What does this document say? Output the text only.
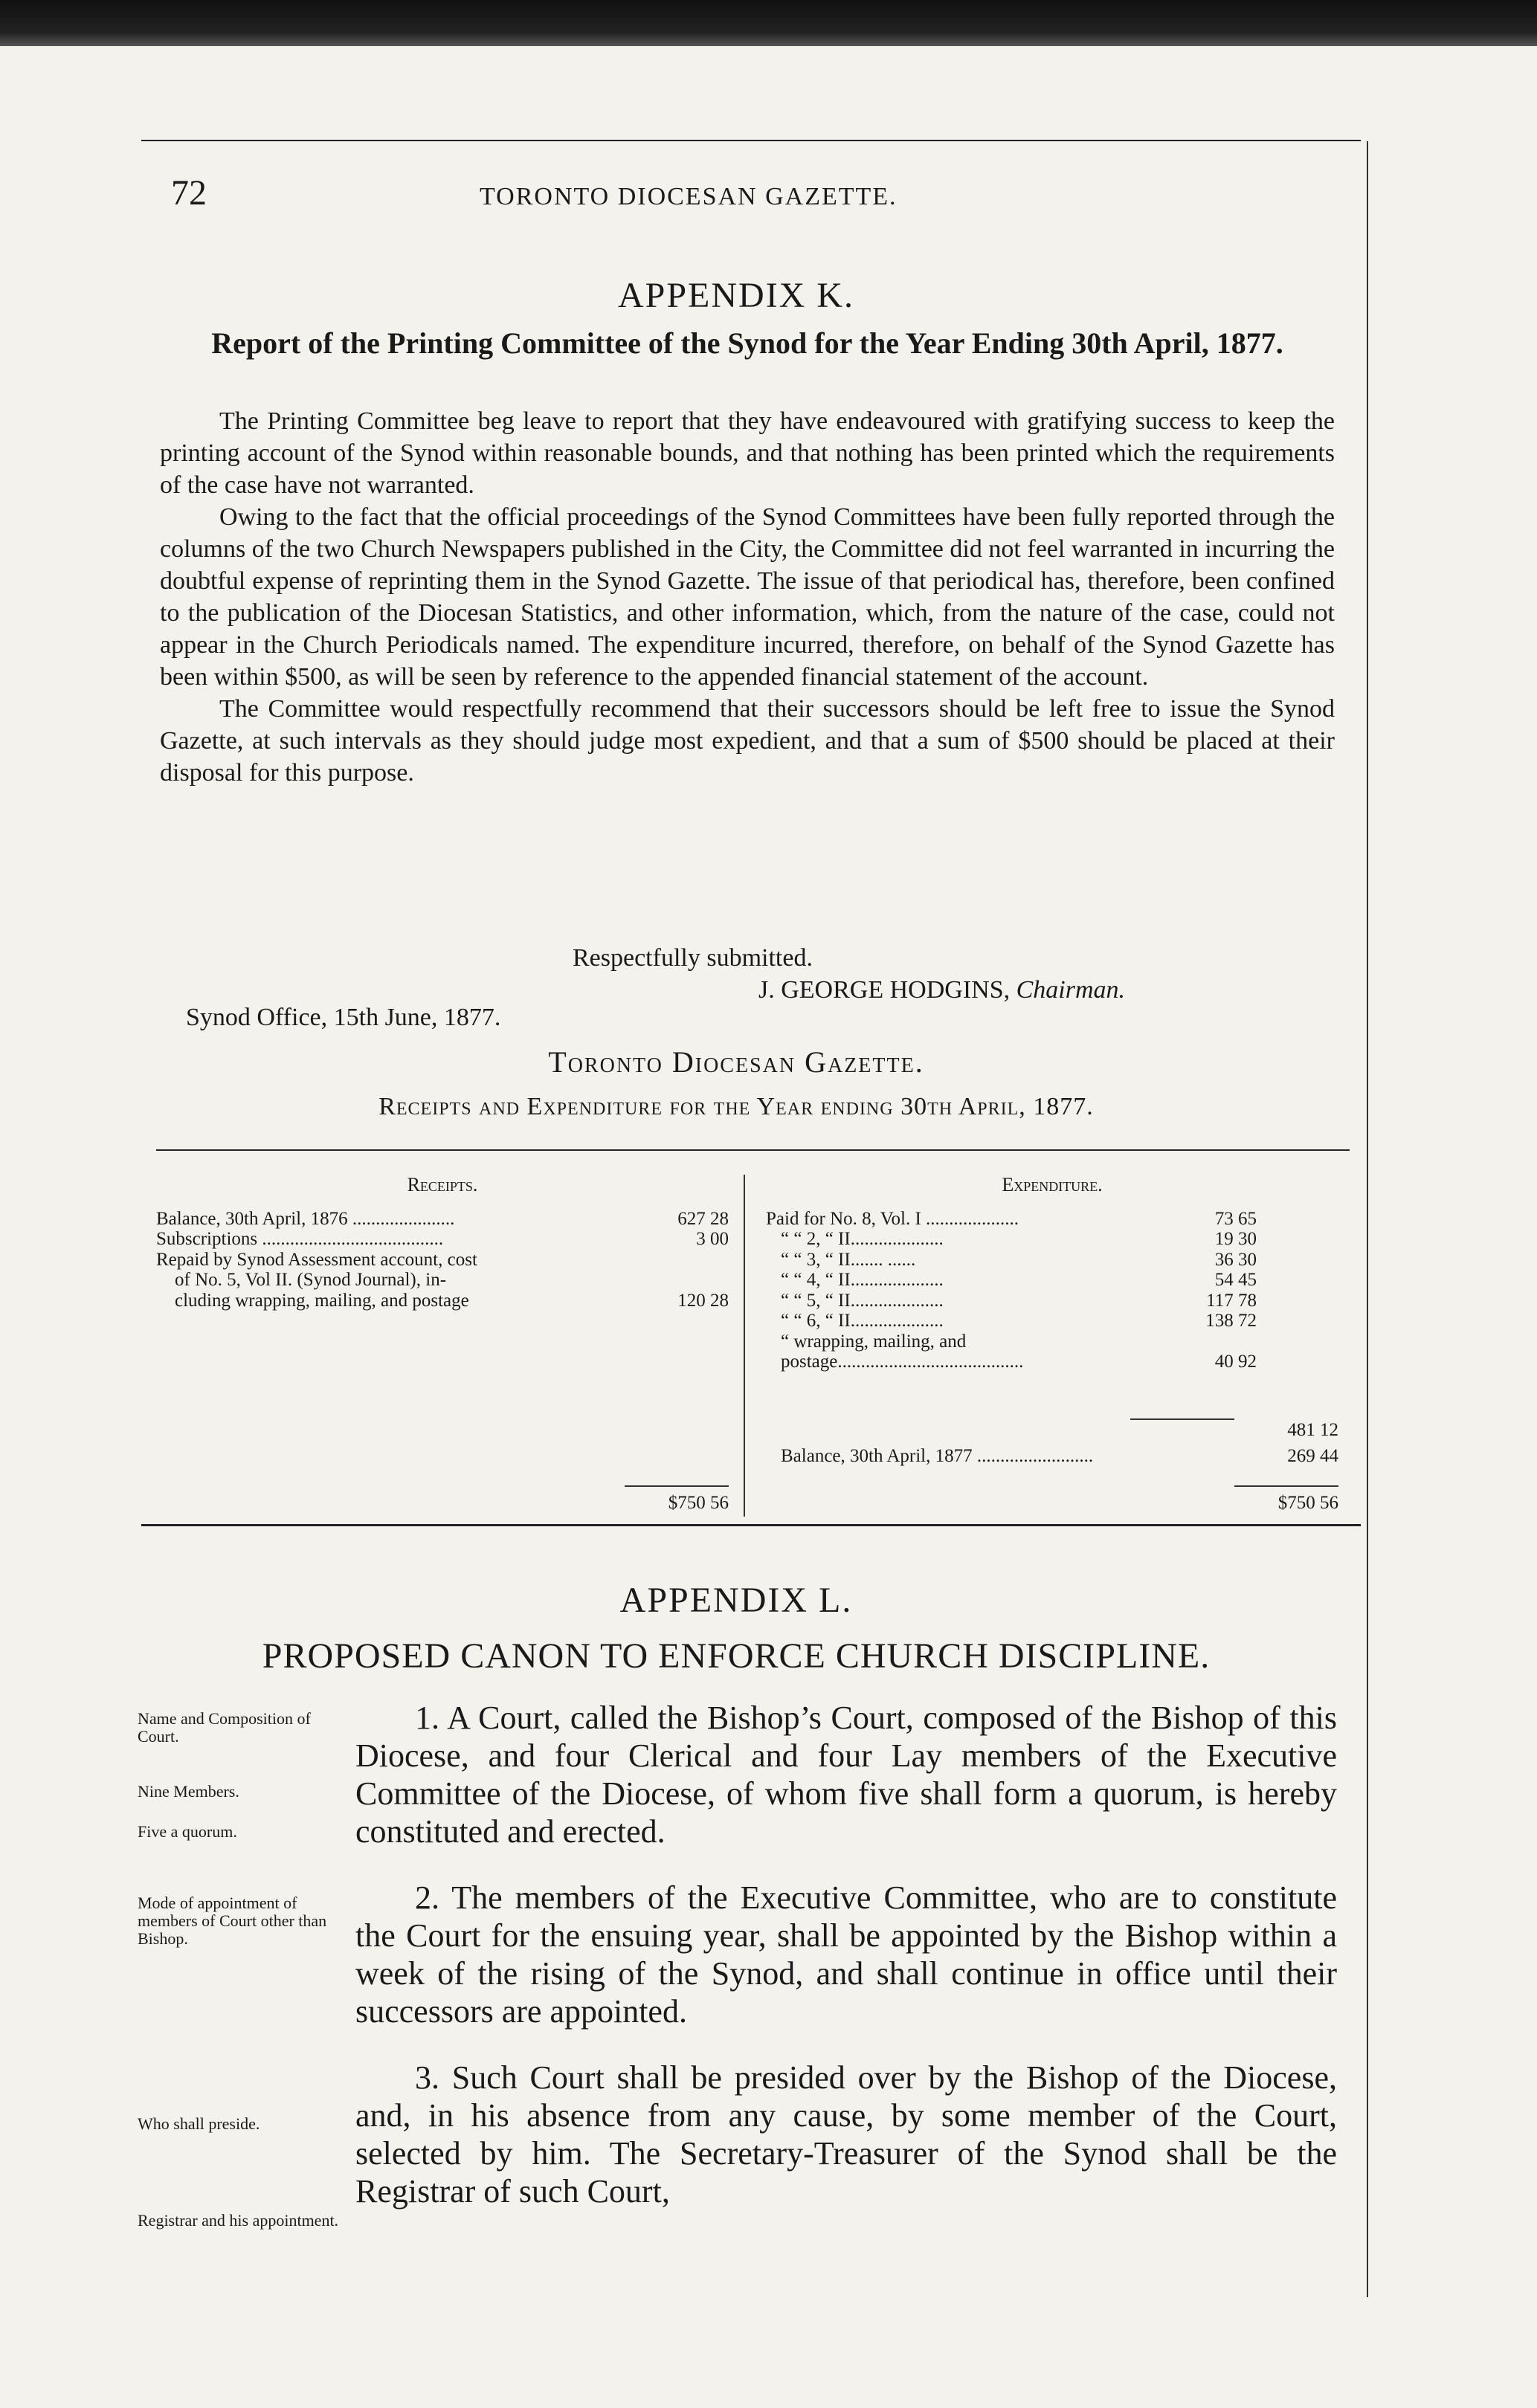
72	TORONTO DIOCESAN GAZETTE.
APPENDIX K.
Report of the Printing Committee of the Synod for the Year Ending 30th April, 1877.

The Printing Committee beg leave to report that they have endeavoured with gratifying success to keep the printing account of the Synod within reasonable bounds, and that nothing has been printed which the requirements of the case have not warranted.

Owing to the fact that the official proceedings of the Synod Committees have been fully reported through the columns of the two Church Newspapers published in the City, the Committee did not feel warranted in incurring the doubtful expense of reprinting them in the Synod Gazette. The issue of that periodical has, therefore, been confined to the publication of the Diocesan Statistics, and other information, which, from the nature of the case, could not appear in the Church Periodicals named. The expenditure incurred, therefore, on behalf of the Synod Gazette has been within $500, as will be seen by reference to the appended financial statement of the account.

The Committee would respectfully recommend that their successors should be left free to issue the Synod Gazette, at such intervals as they should judge most expedient, and that a sum of $500 should be placed at their disposal for this purpose.

Respectfully submitted.
J. GEORGE HODGINS, Chairman.
Synod Office, 15th June, 1877.
Toronto Diocesan Gazette.
Receipts and Expenditure for the Year ending 30th April, 1877.
Receipts.
Balance, 30th April, 1876 ......................	627 28
Subscriptions .......................................	3 00
Repaid by Synod Assessment account, cost
of No. 5, Vol II. (Synod Journal), in-
cluding wrapping, mailing, and postage	120 28
$750 56
Expenditure.
Paid for No. 8, Vol. I ....................	73 65
“ “ 2, “ II....................	19 30
“ “ 3, “ II....... ......	36 30
“ “ 4, “ II....................	54 45
“ “ 5, “ II....................	117 78
“ “ 6, “ II....................	138 72
“ wrapping, mailing, and
postage........................................	40 92
481 12
Balance, 30th April, 1877 .........................	269 44
$750 56
APPENDIX L.
PROPOSED CANON TO ENFORCE CHURCH DISCIPLINE.
Name and Composition of Court.
Nine Members.
Five a quorum.
Mode of appointment of members of Court other than Bishop.
Who shall preside.
Registrar and his appointment.

1. A Court, called the Bishop’s Court, composed of the Bishop of this Diocese, and four Clerical and four Lay members of the Executive Committee of the Diocese, of whom five shall form a quorum, is hereby constituted and erected.

2. The members of the Executive Committee, who are to constitute the Court for the ensuing year, shall be appointed by the Bishop within a week of the rising of the Synod, and shall continue in office until their successors are appointed.

3. Such Court shall be presided over by the Bishop of the Diocese, and, in his absence from any cause, by some member of the Court, selected by him. The Secretary-Treasurer of the Synod shall be the Registrar of such Court,
